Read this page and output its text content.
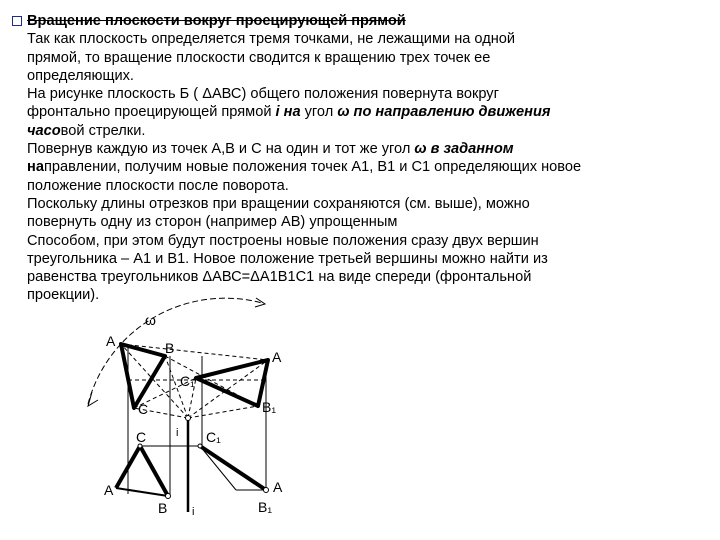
Вращение плоскости вокруг проецирующей прямой
Так как плоскость определяется тремя точками, не лежащими на одной
прямой, то вращение плоскости сводится к вращению трех точек ее
определяющих.
На рисунке плоскость Б ( ΔАВС) общего положения повернута вокруг
фронтально проецирующей прямой i на угол ω по направлению движения
часовой стрелки.
Повернув каждую из точек А,В и С на один и тот же угол ω в заданном
направлении, получим новые положения точек А1, В1 и С1 определяющих новое
положение плоскости после поворота.
Поскольку длины отрезков при вращении сохраняются (см. выше), можно
повернуть одну из сторон (например АВ) упрощенным
Способом, при этом будут построены новые положения сразу двух вершин
треугольника – А1 и В1. Новое положение третьей вершины можно найти из
равенства треугольников ΔАВС=ΔА1В1С1 на виде спереди (фронтальной
проекции).
ω
A	B
C
A
C₁
B₁
i
C	C₁
A	A
B	B₁
i
